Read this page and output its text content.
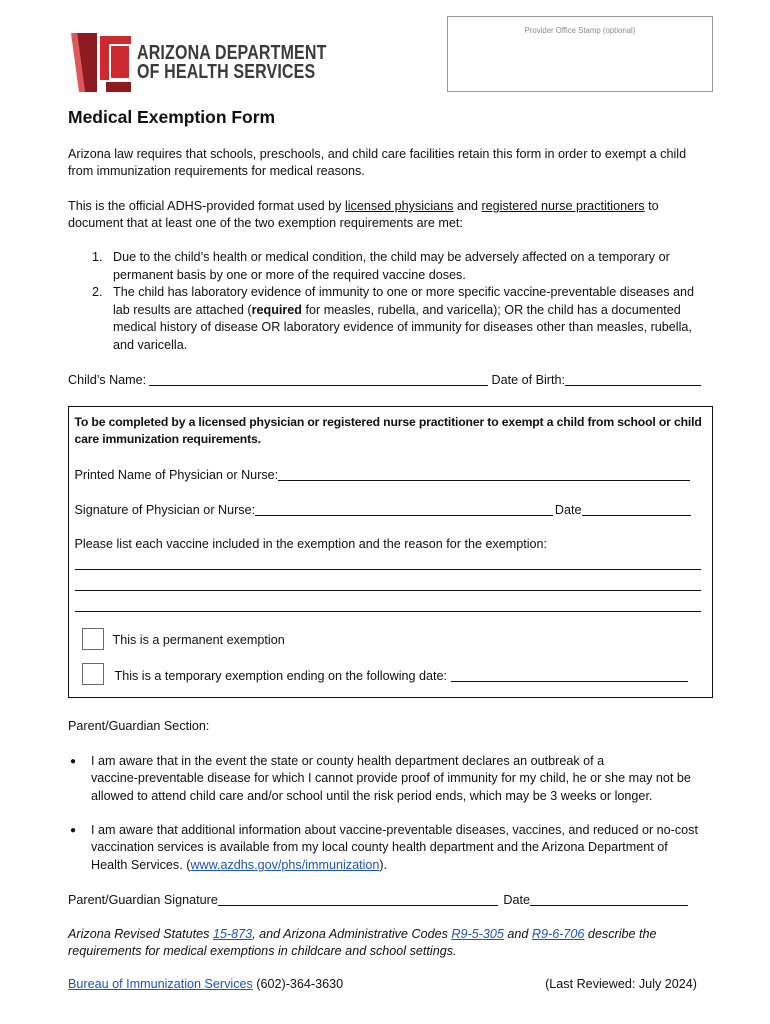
ARIZONA DEPARTMENT
OF HEALTH SERVICES
Provider Office Stamp (optional)
Medical Exemption Form
Arizona law requires that schools, preschools, and child care facilities retain this form in order to exempt a child
from immunization requirements for medical reasons.
This is the official ADHS-provided format used by licensed physicians and registered nurse practitioners to
document that at least one of the two exemption requirements are met:
1. Due to the child’s health or medical condition, the child may be adversely affected on a temporary or
permanent basis by one or more of the required vaccine doses.
2. The child has laboratory evidence of immunity to one or more specific vaccine-preventable diseases and
lab results are attached (required for measles, rubella, and varicella); OR the child has a documented
medical history of disease OR laboratory evidence of immunity for diseases other than measles, rubella,
and varicella.
Child’s Name:	Date of Birth:
To be completed by a licensed physician or registered nurse practitioner to exempt a child from school or child
care immunization requirements.
Printed Name of Physician or Nurse:
Signature of Physician or Nurse:	Date
Please list each vaccine included in the exemption and the reason for the exemption:
This is a permanent exemption
This is a temporary exemption ending on the following date:
Parent/Guardian Section:
● I am aware that in the event the state or county health department declares an outbreak of a
vaccine-preventable disease for which I cannot provide proof of immunity for my child, he or she may not be
allowed to attend child care and/or school until the risk period ends, which may be 3 weeks or longer.
● I am aware that additional information about vaccine-preventable diseases, vaccines, and reduced or no-cost
vaccination services is available from my local county health department and the Arizona Department of
Health Services. (www.azdhs.gov/phs/immunization).
Parent/Guardian Signature	Date
Arizona Revised Statutes 15-873, and Arizona Administrative Codes R9-5-305 and R9-6-706 describe the
requirements for medical exemptions in childcare and school settings.
Bureau of Immunization Services (602)-364-3630	(Last Reviewed: July 2024)
